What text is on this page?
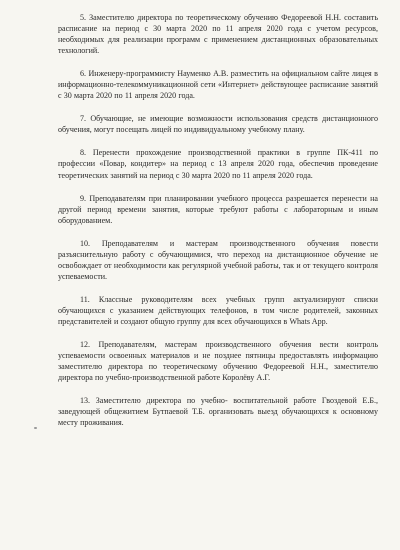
5. Заместителю директора по теоретическому обучению Федореевой Н.Н. составить расписание на период с 30 марта 2020 по 11 апреля 2020 года с учетом ресурсов, необходимых для реализации программ с применением дистанционных образовательных технологий.

6. Инженеру-программисту Науменко А.В. разместить на официальном сайте лицея в информационно-телекоммуникационной сети «Интернет» действующее расписание занятий с 30 марта 2020 по 11 апреля 2020 года.

7. Обучающие, не имеющие возможности использования средств дистанционного обучения, могут посещать лицей по индивидуальному учебному плану.

8. Перенести прохождение производственной практики в группе ПК-411 по профессии «Повар, кондитер» на период с 13 апреля 2020 года, обеспечив проведение теоретических занятий на период с 30 марта 2020 по 11 апреля 2020 года.

9. Преподавателям при планировании учебного процесса разрешается перенести на другой период времени занятия, которые требуют работы с лабораторным и иным оборудованием.

10. Преподавателям и мастерам производственного обучения повести разъяснительную работу с обучающимися, что переход на дистанционное обучение не освобождает от необходимости как регулярной учебной работы, так и от текущего контроля успеваемости.

11. Классные руководителям всех учебных групп актуализируют списки обучающихся с указанием действующих телефонов, в том числе родителей, законных представителей и создают общую группу для всех обучающихся в Whats App.

12. Преподавателям, мастерам производственного обучения вести контроль успеваемости освоенных материалов и не позднее пятницы предоставлять информацию заместителю директора по теоретическому обучению Федореевой Н.Н., заместителю директора по учебно-производственной работе Королёву А.Г.

13. Заместителю директора по учебно- воспитательной работе Гвоздевой Е.Б., заведующей общежитием Бутпаевой Т.Б. организовать выезд обучающихся к основному месту проживания.
